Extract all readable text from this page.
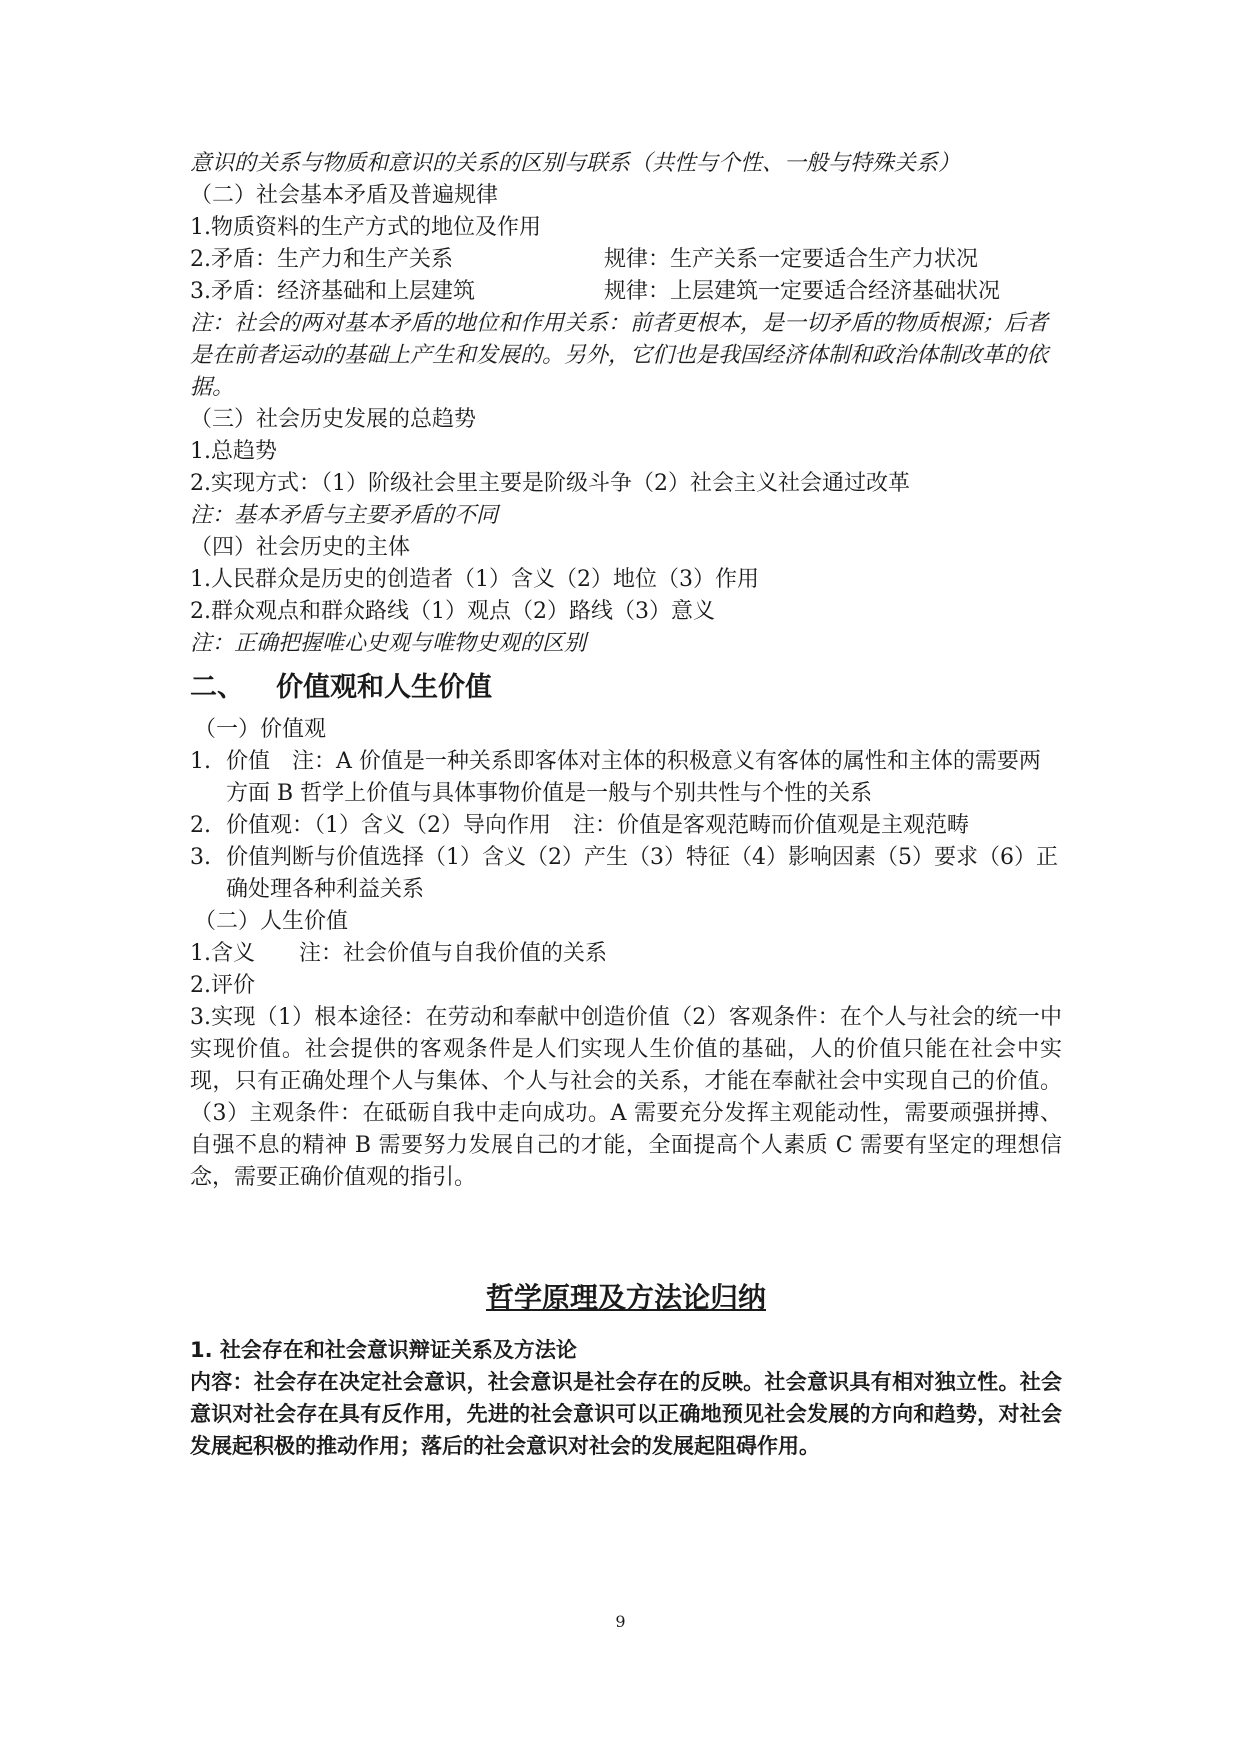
意识的关系与物质和意识的关系的区别与联系（共性与个性、一般与特殊关系）
（二）社会基本矛盾及普遍规律
1.物质资料的生产方式的地位及作用
2.矛盾：生产力和生产关系	规律：生产关系一定要适合生产力状况
3.矛盾：经济基础和上层建筑	规律：上层建筑一定要适合经济基础状况
注：社会的两对基本矛盾的地位和作用关系：前者更根本，是一切矛盾的物质根源；后者是在前者运动的基础上产生和发展的。另外，它们也是我国经济体制和政治体制改革的依据。
（三）社会历史发展的总趋势
1.总趋势
2.实现方式：（1）阶级社会里主要是阶级斗争（2）社会主义社会通过改革
注：基本矛盾与主要矛盾的不同
（四）社会历史的主体
1.人民群众是历史的创造者（1）含义（2）地位（3）作用
2.群众观点和群众路线（1）观点（2）路线（3）意义
注：正确把握唯心史观与唯物史观的区别
二、 价值观和人生价值
（一）价值观
1. 价值　注：A 价值是一种关系即客体对主体的积极意义有客体的属性和主体的需要两方面 B 哲学上价值与具体事物价值是一般与个别共性与个性的关系
2. 价值观：（1）含义（2）导向作用　注：价值是客观范畴而价值观是主观范畴
3. 价值判断与价值选择（1）含义（2）产生（3）特征（4）影响因素（5）要求（6）正确处理各种利益关系
（二）人生价值
1.含义　　注：社会价值与自我价值的关系
2.评价
3.实现（1）根本途径：在劳动和奉献中创造价值（2）客观条件：在个人与社会的统一中实现价值。社会提供的客观条件是人们实现人生价值的基础，人的价值只能在社会中实现，只有正确处理个人与集体、个人与社会的关系，才能在奉献社会中实现自己的价值。（3）主观条件：在砥砺自我中走向成功。A 需要充分发挥主观能动性，需要顽强拼搏、自强不息的精神 B 需要努力发展自己的才能，全面提高个人素质 C 需要有坚定的理想信念，需要正确价值观的指引。
哲学原理及方法论归纳
1. 社会存在和社会意识辩证关系及方法论
内容：社会存在决定社会意识，社会意识是社会存在的反映。社会意识具有相对独立性。社会意识对社会存在具有反作用，先进的社会意识可以正确地预见社会发展的方向和趋势，对社会发展起积极的推动作用；落后的社会意识对社会的发展起阻碍作用。
9
